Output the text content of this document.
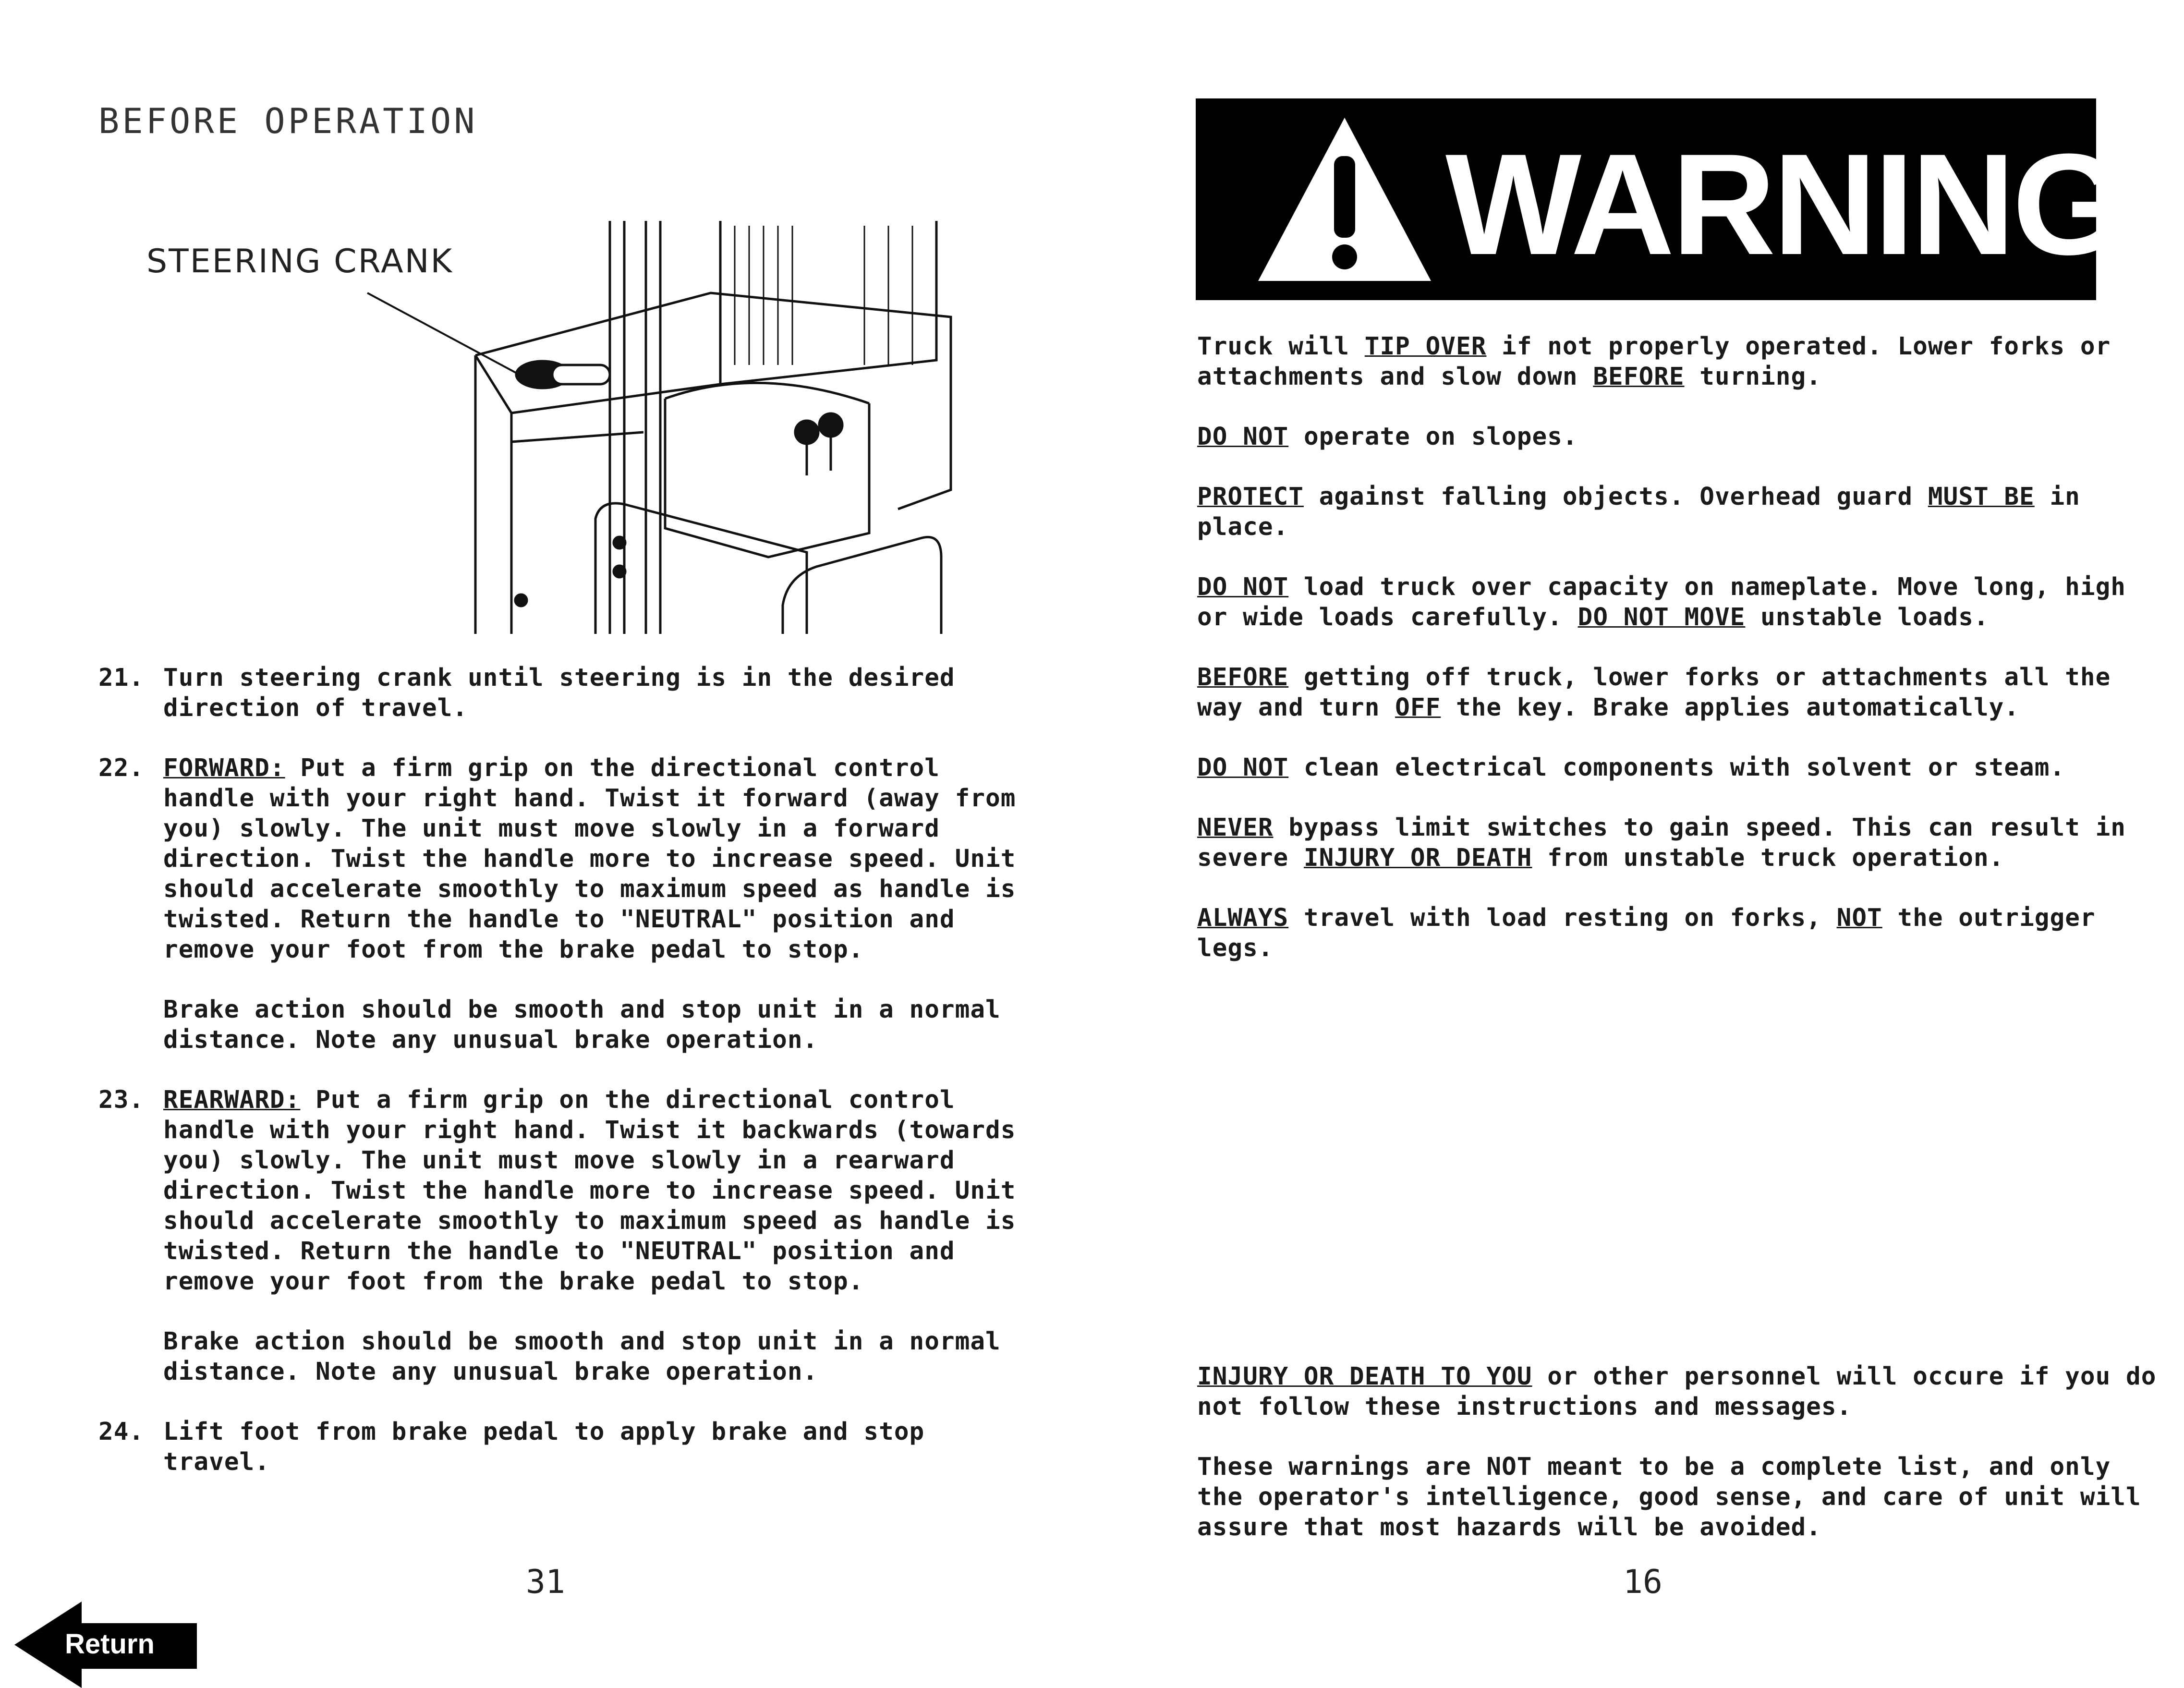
BEFORE OPERATION
STEERING CRANK
21. Turn steering crank until steering is in the desired direction of travel.

22. FORWARD: Put a firm grip on the directional control handle with your right hand. Twist it forward (away from you) slowly. The unit must move slowly in a forward direction. Twist the handle more to increase speed. Unit should accelerate smoothly to maximum speed as handle is twisted. Return the handle to "NEUTRAL" position and remove your foot from the brake pedal to stop.

Brake action should be smooth and stop unit in a normal distance. Note any unusual brake operation.

23. REARWARD: Put a firm grip on the directional control handle with your right hand. Twist it backwards (towards you) slowly. The unit must move slowly in a rearward direction. Twist the handle more to increase speed. Unit should accelerate smoothly to maximum speed as handle is twisted. Return the handle to "NEUTRAL" position and remove your foot from the brake pedal to stop.

Brake action should be smooth and stop unit in a normal distance. Note any unusual brake operation.

24. Lift foot from brake pedal to apply brake and stop travel.

31
Return
WARNING

Truck will TIP OVER if not properly operated. Lower forks or attachments and slow down BEFORE turning.

DO NOT operate on slopes.

PROTECT against falling objects. Overhead guard MUST BE in place.

DO NOT load truck over capacity on nameplate. Move long, high or wide loads carefully. DO NOT MOVE unstable loads.

BEFORE getting off truck, lower forks or attachments all the way and turn OFF the key. Brake applies automatically.

DO NOT clean electrical components with solvent or steam.

NEVER bypass limit switches to gain speed. This can result in severe INJURY OR DEATH from unstable truck operation.

ALWAYS travel with load resting on forks, NOT the outrigger legs.

INJURY OR DEATH TO YOU or other personnel will occure if you do not follow these instructions and messages.

These warnings are NOT meant to be a complete list, and only the operator's intelligence, good sense, and care of unit will assure that most hazards will be avoided.

16
